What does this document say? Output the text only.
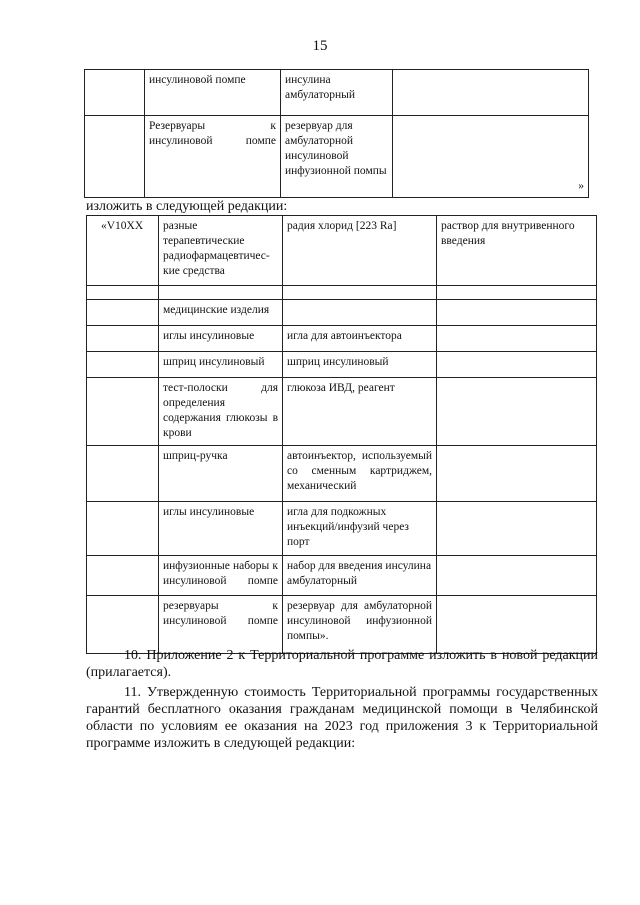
15
	инсулиновой помпе	инсулина амбулаторный	
	Резервуары к инсулиновой помпе	резервуар для амбулаторной инсулиновой инфузионной помпы	»
изложить в следующей редакции:
«V10XX	разные терапевтические радиофармацевтичес-кие средства	радия хлорид [223 Ra]	раствор для внутривенного введения

	медицинские изделия		
	иглы инсулиновые	игла для автоинъектора	
	шприц инсулиновый	шприц инсулиновый	
	тест-полоски для определения содержания глюкозы в крови	глюкоза ИВД, реагент	
	шприц-ручка	автоинъектор, используемый со сменным картриджем, механический	
	иглы инсулиновые	игла для подкожных инъекций/инфузий через порт	
	инфузионные наборы к инсулиновой помпе	набор для введения инсулина амбулаторный	
	резервуары к инсулиновой помпе	резервуар для амбулаторной инсулиновой инфузионной помпы».	
10. Приложение 2 к Территориальной программе изложить в новой редакции (прилагается).
11. Утвержденную стоимость Территориальной программы государственных гарантий бесплатного оказания гражданам медицинской помощи в Челябинской области по условиям ее оказания на 2023 год приложения 3 к Территориальной программе изложить в следующей редакции:
